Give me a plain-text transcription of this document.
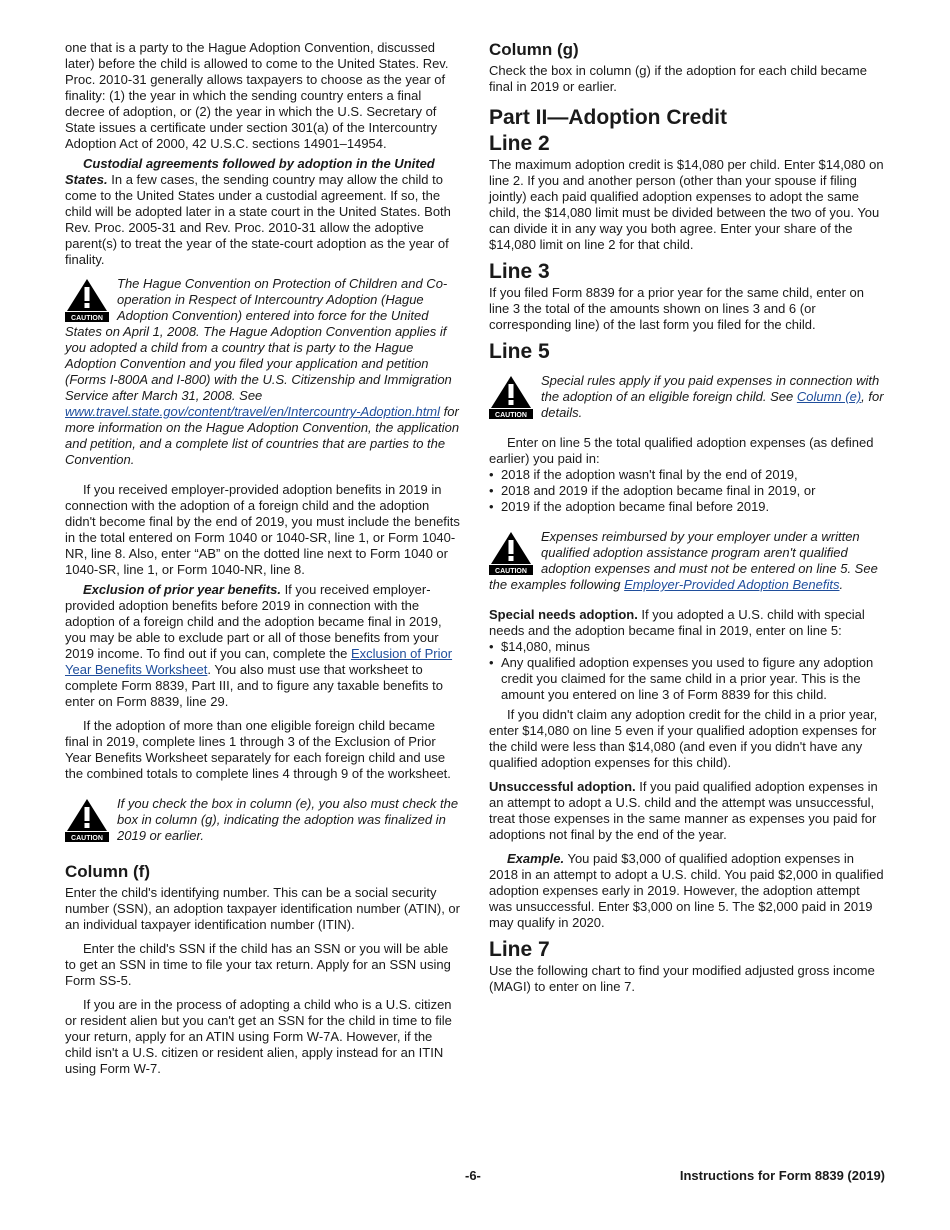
one that is a party to the Hague Adoption Convention, discussed later) before the child is allowed to come to the United States. Rev. Proc. 2010-31 generally allows taxpayers to choose as the year of finality: (1) the year in which the sending country enters a final decree of adoption, or (2) the year in which the U.S. Secretary of State issues a certificate under section 301(a) of the Intercountry Adoption Act of 2000, 42 U.S.C. sections 14901–14954.

Custodial agreements followed by adoption in the United States. In a few cases, the sending country may allow the child to come to the United States under a custodial agreement. If so, the child will be adopted later in a state court in the United States. Both Rev. Proc. 2005-31 and Rev. Proc. 2010-31 allow the adoptive parent(s) to treat the year of the state-court adoption as the year of finality.

CAUTION
The Hague Convention on Protection of Children and Co-operation in Respect of Intercountry Adoption (Hague Adoption Convention) entered into force for the United States on April 1, 2008. The Hague Adoption Convention applies if you adopted a child from a country that is party to the Hague Adoption Convention and you filed your application and petition (Forms I-800A and I-800) with the U.S. Citizenship and Immigration Service after March 31, 2008. See www.travel.state.gov/content/travel/en/Intercountry-Adoption.html for more information on the Hague Adoption Convention, the application and petition, and a complete list of countries that are parties to the Convention.

If you received employer-provided adoption benefits in 2019 in connection with the adoption of a foreign child and the adoption didn't become final by the end of 2019, you must include the benefits in the total entered on Form 1040 or 1040-SR, line 1, or Form 1040-NR, line 8. Also, enter “AB” on the dotted line next to Form 1040 or 1040-SR, line 1, or Form 1040-NR, line 8.

Exclusion of prior year benefits. If you received employer-provided adoption benefits before 2019 in connection with the adoption of a foreign child and the adoption became final in 2019, you may be able to exclude part or all of those benefits from your 2019 income. To find out if you can, complete the Exclusion of Prior Year Benefits Worksheet. You also must use that worksheet to complete Form 8839, Part III, and to figure any taxable benefits to enter on Form 8839, line 29.

If the adoption of more than one eligible foreign child became final in 2019, complete lines 1 through 3 of the Exclusion of Prior Year Benefits Worksheet separately for each foreign child and use the combined totals to complete lines 4 through 9 of the worksheet.

CAUTION
If you check the box in column (e), you also must check the box in column (g), indicating the adoption was finalized in 2019 or earlier.
Column (f)

Enter the child's identifying number. This can be a social security number (SSN), an adoption taxpayer identification number (ATIN), or an individual taxpayer identification number (ITIN).

Enter the child's SSN if the child has an SSN or you will be able to get an SSN in time to file your tax return. Apply for an SSN using Form SS-5.

If you are in the process of adopting a child who is a U.S. citizen or resident alien but you can't get an SSN for the child in time to file your return, apply for an ATIN using Form W-7A. However, if the child isn't a U.S. citizen or resident alien, apply instead for an ITIN using Form W-7.

Column (g)

Check the box in column (g) if the adoption for each child became final in 2019 or earlier.

Part II—Adoption Credit
Line 2

The maximum adoption credit is $14,080 per child. Enter $14,080 on line 2. If you and another person (other than your spouse if filing jointly) each paid qualified adoption expenses to adopt the same child, the $14,080 limit must be divided between the two of you. You can divide it in any way you both agree. Enter your share of the $14,080 limit on line 2 for that child.

Line 3

If you filed Form 8839 for a prior year for the same child, enter on line 3 the total of the amounts shown on lines 3 and 6 (or corresponding line) of the last form you filed for the child.

Line 5
CAUTION
Special rules apply if you paid expenses in connection with the adoption of an eligible foreign child. See Column (e), for details.

Enter on line 5 the total qualified adoption expenses (as defined earlier) you paid in:

• 2018 if the adoption wasn't final by the end of 2019,
• 2018 and 2019 if the adoption became final in 2019, or
• 2019 if the adoption became final before 2019.
CAUTION
Expenses reimbursed by your employer under a written qualified adoption assistance program aren't qualified adoption expenses and must not be entered on line 5. See the examples following Employer-Provided Adoption Benefits.

Special needs adoption. If you adopted a U.S. child with special needs and the adoption became final in 2019, enter on line 5:

• $14,080, minus
• Any qualified adoption expenses you used to figure any adoption credit you claimed for the same child in a prior year. This is the amount you entered on line 3 of Form 8839 for this child.

If you didn't claim any adoption credit for the child in a prior year, enter $14,080 on line 5 even if your qualified adoption expenses for the child were less than $14,080 (and even if you didn't have any qualified adoption expenses for this child).

Unsuccessful adoption. If you paid qualified adoption expenses in an attempt to adopt a U.S. child and the attempt was unsuccessful, treat those expenses in the same manner as expenses you paid for adoptions not final by the end of the year.

Example. You paid $3,000 of qualified adoption expenses in 2018 in an attempt to adopt a U.S. child. You paid $2,000 in qualified adoption expenses early in 2019. However, the adoption attempt was unsuccessful. Enter $3,000 on line 5. The $2,000 paid in 2019 may qualify in 2020.

Line 7

Use the following chart to find your modified adjusted gross income (MAGI) to enter on line 7.

-6-	Instructions for Form 8839 (2019)
